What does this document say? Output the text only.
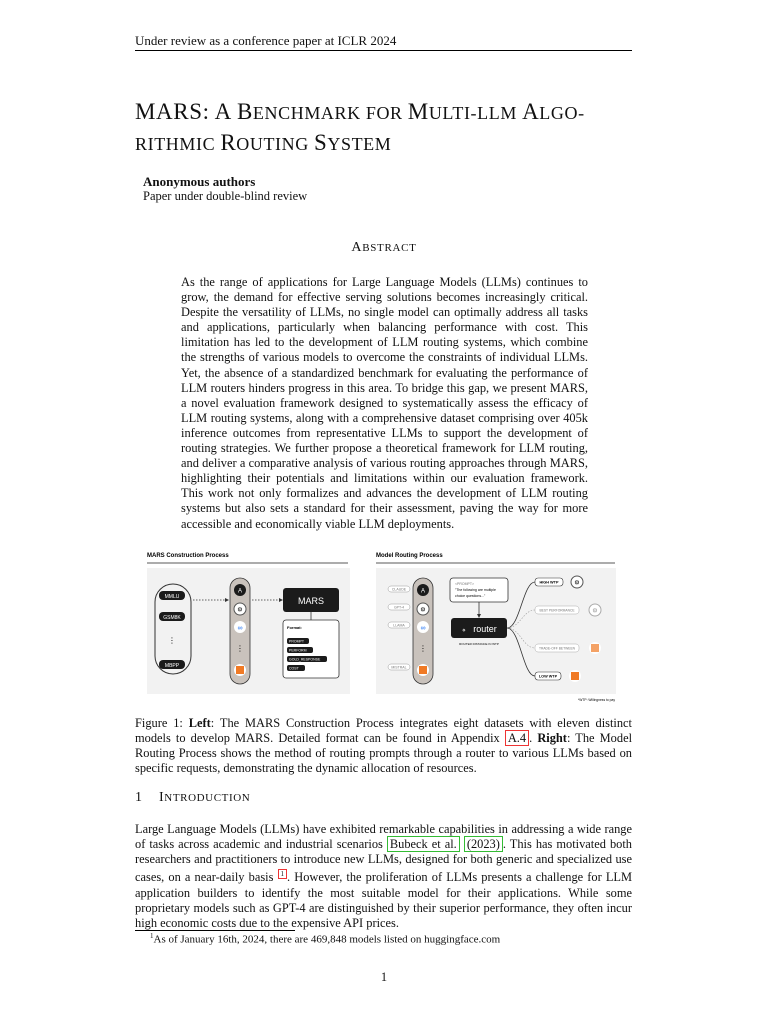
Under review as a conference paper at ICLR 2024
MARS: A BENCHMARK FOR MULTI-LLM ALGO-
RITHMIC ROUTING SYSTEM
Anonymous authors
Paper under double-blind review
ABSTRACT
As the range of applications for Large Language Models (LLMs) continues to grow, the demand for effective serving solutions becomes increasingly critical. Despite the versatility of LLMs, no single model can optimally address all tasks and applications, particularly when balancing performance with cost. This limitation has led to the development of LLM routing systems, which combine the strengths of various models to overcome the constraints of individual LLMs. Yet, the absence of a standardized benchmark for evaluating the performance of LLM routers hinders progress in this area. To bridge this gap, we present MARS, a novel evaluation framework designed to systematically assess the efficacy of LLM routing systems, along with a comprehensive dataset comprising over 405k inference outcomes from representative LLMs to support the development of routing strategies. We further propose a theoretical framework for LLM routing, and deliver a comparative analysis of various routing approaches through MARS, highlighting their potentials and limitations within our evaluation framework. This work not only formalizes and advances the development of LLM routing systems but also sets a standard for their assessment, paving the way for more accessible and economically viable LLM deployments.
MARS Construction Process
MMLU
GSM8K
⋮
MBPP
A
⚙
∞
⋮
MARS
Format:
PROMPT
PERFORM
GOLD_RESPONSE
COST
Model Routing Process
CLAUDE
GPT-4
LLAMA
MISTRAL
A
⚙
∞
⋮
<PROMPT>
"The following are multiple
choice questions..."
router
⋄
ROUTER DISTANCE IN WTP
HIGH WTP	⚙
BEST PERFORMANCE	⚙
TRADE-OFF BETWEEN
LOW WTP
*WTP: Willingness to pay
Figure 1: Left: The MARS Construction Process integrates eight datasets with eleven distinct models to develop MARS. Detailed format can be found in Appendix A.4 . Right: The Model Routing Process shows the method of routing prompts through a router to various LLMs based on specific requests, demonstrating the dynamic allocation of resources.
1 INTRODUCTION
Large Language Models (LLMs) have exhibited remarkable capabilities in addressing a wide range of tasks across academic and industrial scenarios Bubeck et al. (2023) . This has motivated both researchers and practitioners to introduce new LLMs, designed for both generic and specialized use cases, on a near-daily basis $^1$ . However, the proliferation of LLMs presents a challenge for LLM application builders to identify the most suitable model for their applications. While some proprietary models such as GPT-4 are distinguished by their superior performance, they often incur high economic costs due to the expensive API prices.
$^1$As of January 16th, 2024, there are 469,848 models listed on huggingface.com
1
